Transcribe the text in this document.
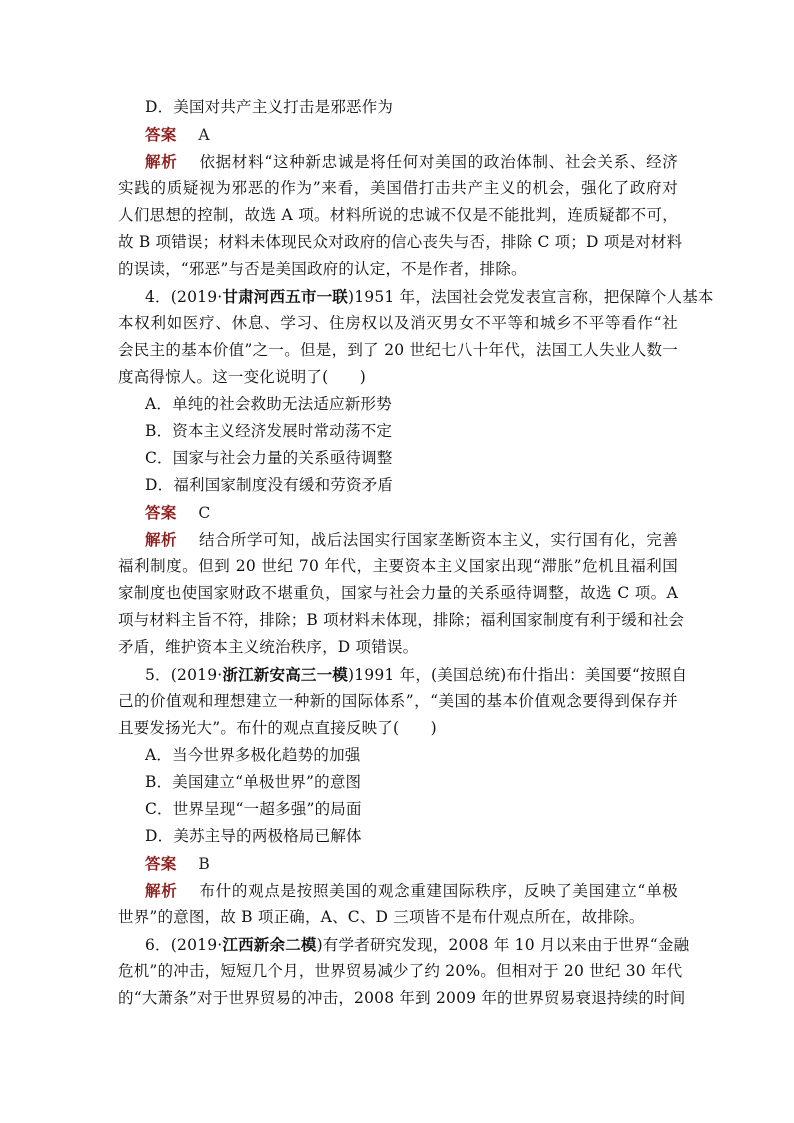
D．美国对共产主义打击是邪恶作为
答案 A
解析 依据材料“这种新忠诚是将任何对美国的政治体制、社会关系、经济
实践的质疑视为邪恶的作为”来看，美国借打击共产主义的机会，强化了政府对
人们思想的控制，故选 A 项。材料所说的忠诚不仅是不能批判，连质疑都不可，
故 B 项错误；材料未体现民众对政府的信心丧失与否，排除 C 项；D 项是对材料
的误读，“邪恶”与否是美国政府的认定，不是作者，排除。
4．(2019·甘肃河西五市一联)1951 年，法国社会党发表宣言称，把保障个人基本
本权利如医疗、休息、学习、住房权以及消灭男女不平等和城乡不平等看作“社
会民主的基本价值”之一。但是，到了 20 世纪七八十年代，法国工人失业人数一
度高得惊人。这一变化说明了(　　)
A．单纯的社会救助无法适应新形势
B．资本主义经济发展时常动荡不定
C．国家与社会力量的关系亟待调整
D．福利国家制度没有缓和劳资矛盾
答案 C
解析 结合所学可知，战后法国实行国家垄断资本主义，实行国有化，完善
福利制度。但到 20 世纪 70 年代，主要资本主义国家出现“滞胀”危机且福利国
家制度也使国家财政不堪重负，国家与社会力量的关系亟待调整，故选 C 项。A
项与材料主旨不符，排除；B 项材料未体现，排除；福利国家制度有利于缓和社会
矛盾，维护资本主义统治秩序，D 项错误。
5．(2019·浙江新安高三一模)1991 年，(美国总统)布什指出：美国要“按照自
己的价值观和理想建立一种新的国际体系”，“美国的基本价值观念要得到保存并
且要发扬光大”。布什的观点直接反映了(　　)
A．当今世界多极化趋势的加强
B．美国建立“单极世界”的意图
C．世界呈现“一超多强”的局面
D．美苏主导的两极格局已解体
答案 B
解析 布什的观点是按照美国的观念重建国际秩序，反映了美国建立“单极
世界”的意图，故 B 项正确，A、C、D 三项皆不是布什观点所在，故排除。
6．(2019·江西新余二模)有学者研究发现，2008 年 10 月以来由于世界“金融
危机”的冲击，短短几个月，世界贸易减少了约 20%。但相对于 20 世纪 30 年代
的“大萧条”对于世界贸易的冲击，2008 年到 2009 年的世界贸易衰退持续的时间
